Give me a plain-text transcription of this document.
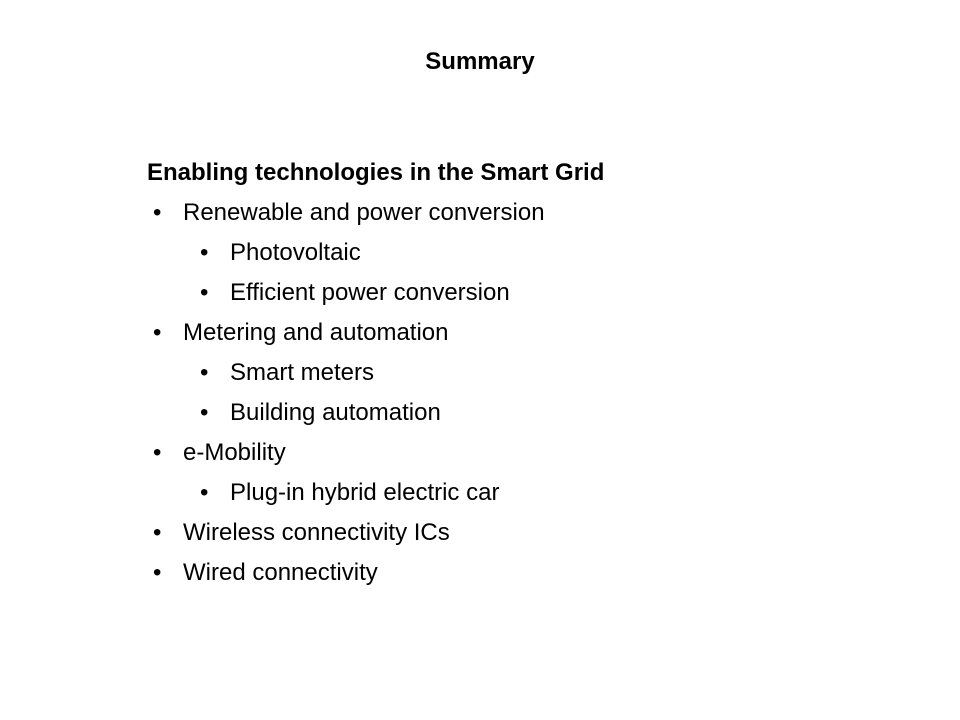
Summary
Enabling technologies in the Smart Grid
• Renewable and power conversion
• Photovoltaic
• Efficient power conversion
• Metering and automation
• Smart meters
• Building automation
• e-Mobility
• Plug-in hybrid electric car
• Wireless connectivity ICs
• Wired connectivity
